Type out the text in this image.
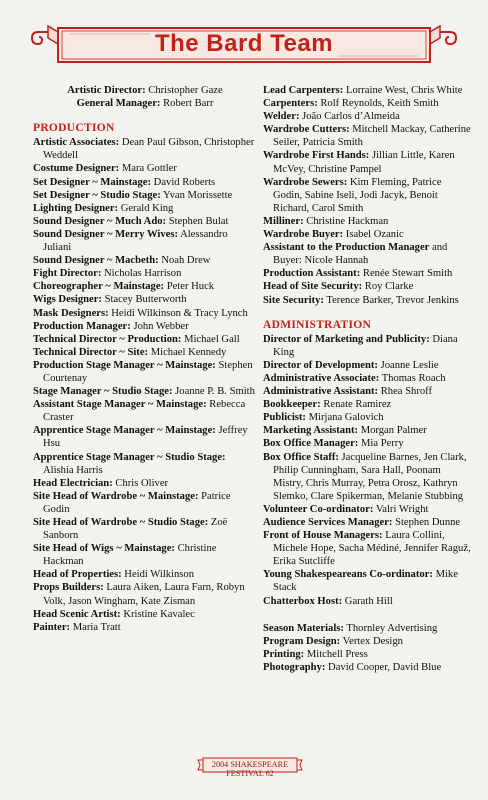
The Bard Team
Artistic Director: Christopher Gaze
General Manager: Robert Barr
PRODUCTION
Artistic Associates: Dean Paul Gibson, Christopher Weddell
Costume Designer: Mara Gottler
Set Designer ~ Mainstage: David Roberts
Set Designer ~ Studio Stage: Yvan Morissette
Lighting Designer: Gerald King
Sound Designer ~ Much Ado: Stephen Bulat
Sound Designer ~ Merry Wives: Alessandro Juliani
Sound Designer ~ Macbeth: Noah Drew
Fight Director: Nicholas Harrison
Choreographer ~ Mainstage: Peter Huck
Wigs Designer: Stacey Butterworth
Mask Designers: Heidi Wilkinson & Tracy Lynch
Production Manager: John Webber
Technical Director ~ Production: Michael Gall
Technical Director ~ Site: Michael Kennedy
Production Stage Manager ~ Mainstage: Stephen Courtenay
Stage Manager ~ Studio Stage: Joanne P. B. Smith
Assistant Stage Manager ~ Mainstage: Rebecca Craster
Apprentice Stage Manager ~ Mainstage: Jeffrey Hsu
Apprentice Stage Manager ~ Studio Stage: Alishia Harris
Head Electrician: Chris Oliver
Site Head of Wardrobe ~ Mainstage: Patrice Godin
Site Head of Wardrobe ~ Studio Stage: Zoë Sanborn
Site Head of Wigs ~ Mainstage: Christine Hackman
Head of Properties: Heidi Wilkinson
Props Builders: Laura Aiken, Laura Farn, Robyn Volk, Jason Wingham, Kate Zisman
Head Scenic Artist: Kristine Kavalec
Painter: Maria Tratt
Lead Carpenters: Lorraine West, Chris White
Carpenters: Rolf Reynolds, Keith Smith
Welder: João Carlos d’Almeida
Wardrobe Cutters: Mitchell Mackay, Catherine Seiler, Patricia Smith
Wardrobe First Hands: Jillian Little, Karen McVey, Christine Pampel
Wardrobe Sewers: Kim Fleming, Patrice Godin, Sabine Iseli, Jodi Jacyk, Benoit Richard, Carol Smith
Milliner: Christine Hackman
Wardrobe Buyer: Isabel Ozanic
Assistant to the Production Manager and Buyer: Nicole Hannah
Production Assistant: Renée Stewart Smith
Head of Site Security: Roy Clarke
Site Security: Terence Barker, Trevor Jenkins
ADMINISTRATION
Director of Marketing and Publicity: Diana King
Director of Development: Joanne Leslie
Administrative Associate: Thomas Roach
Administrative Assistant: Rhea Shroff
Bookkeeper: Renate Ramirez
Publicist: Mirjana Galovich
Marketing Assistant: Morgan Palmer
Box Office Manager: Mia Perry
Box Office Staff: Jacqueline Barnes, Jen Clark, Philip Cunningham, Sara Hall, Poonam Mistry, Chris Murray, Petra Orosz, Kathryn Slemko, Clare Spikerman, Melanie Stubbing
Volunteer Co-ordinator: Valri Wright
Audience Services Manager: Stephen Dunne
Front of House Managers: Laura Collini, Michele Hope, Sacha Médiné, Jennifer Raguž, Erika Sutcliffe
Young Shakespeareans Co-ordinator: Mike Stack
Chatterbox Host: Garath Hill
Season Materials: Thornley Advertising
Program Design: Vertex Design
Printing: Mitchell Press
Photography: David Cooper, David Blue
2004 SHAKESPEARE FESTIVAL 62
